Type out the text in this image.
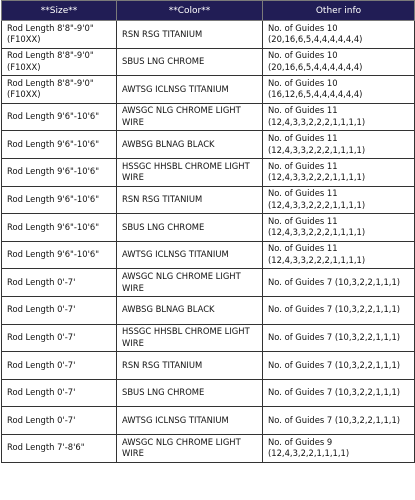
**Size**	**Color**	Other info
Rod Length 8'8"-9'0" (F10XX)	RSN RSG TITANIUM	No. of Guides 10 (20,16,6,5,4,4,4,4,4,4)
Rod Length 8'8"-9'0" (F10XX)	SBUS LNG CHROME	No. of Guides 10 (20,16,6,5,4,4,4,4,4,4)
Rod Length 8'8"-9'0" (F10XX)	AWTSG ICLNSG TITANIUM	No. of Guides 10 (16,12,6,5,4,4,4,4,4,4)
Rod Length 9'6"-10'6"	AWSGC NLG CHROME LIGHT WIRE	No. of Guides 11 (12,4,3,3,2,2,2,1,1,1,1)
Rod Length 9'6"-10'6"	AWBSG BLNAG BLACK	No. of Guides 11 (12,4,3,3,2,2,2,1,1,1,1)
Rod Length 9'6"-10'6"	HSSGC HHSBL CHROME LIGHT WIRE	No. of Guides 11 (12,4,3,3,2,2,2,1,1,1,1)
Rod Length 9'6"-10'6"	RSN RSG TITANIUM	No. of Guides 11 (12,4,3,3,2,2,2,1,1,1,1)
Rod Length 9'6"-10'6"	SBUS LNG CHROME	No. of Guides 11 (12,4,3,3,2,2,2,1,1,1,1)
Rod Length 9'6"-10'6"	AWTSG ICLNSG TITANIUM	No. of Guides 11 (12,4,3,3,2,2,2,1,1,1,1)
Rod Length 0'-7'	AWSGC NLG CHROME LIGHT WIRE	No. of Guides 7 (10,3,2,2,1,1,1)
Rod Length 0'-7'	AWBSG BLNAG BLACK	No. of Guides 7 (10,3,2,2,1,1,1)
Rod Length 0'-7'	HSSGC HHSBL CHROME LIGHT WIRE	No. of Guides 7 (10,3,2,2,1,1,1)
Rod Length 0'-7'	RSN RSG TITANIUM	No. of Guides 7 (10,3,2,2,1,1,1)
Rod Length 0'-7'	SBUS LNG CHROME	No. of Guides 7 (10,3,2,2,1,1,1)
Rod Length 0'-7'	AWTSG ICLNSG TITANIUM	No. of Guides 7 (10,3,2,2,1,1,1)
Rod Length 7'-8'6"	AWSGC NLG CHROME LIGHT WIRE	No. of Guides 9 (12,4,3,2,2,1,1,1,1)
